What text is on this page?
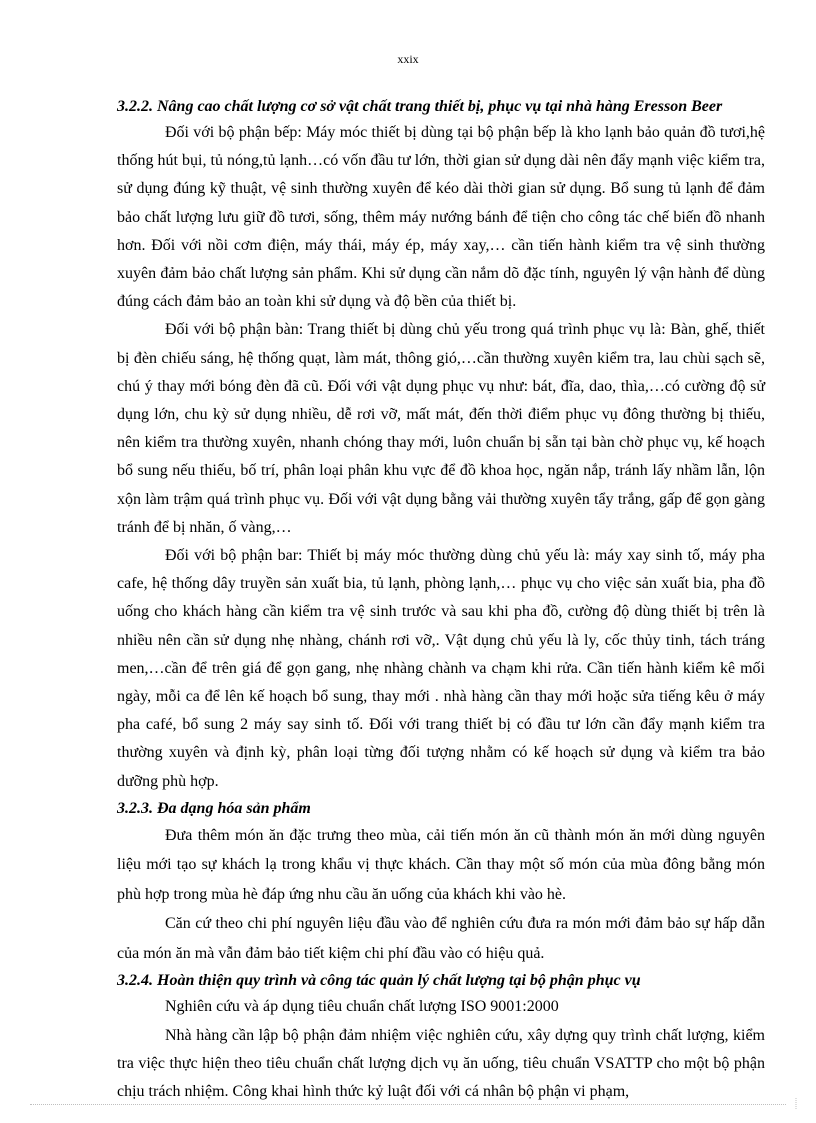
xxix
3.2.2. Nâng cao chất lượng cơ sở vật chất trang thiết bị, phục vụ tại nhà hàng Eresson Beer

Đối với bộ phận bếp: Máy móc thiết bị dùng tại bộ phận bếp là kho lạnh bảo quản đồ tươi,hệ thống hút bụi, tủ nóng,tủ lạnh…có vốn đầu tư lớn, thời gian sử dụng dài nên đẩy mạnh việc kiểm tra, sử dụng đúng kỹ thuật, vệ sinh thường xuyên để kéo dài thời gian sử dụng. Bổ sung tủ lạnh để đảm bảo chất lượng lưu giữ đồ tươi, sống, thêm máy nướng bánh để tiện cho công tác chế biến đồ nhanh hơn. Đối với nồi cơm điện, máy thái, máy ép, máy xay,… cần tiến hành kiểm tra vệ sinh thường xuyên đảm bảo chất lượng sản phẩm. Khi sử dụng cần nắm dõ đặc tính, nguyên lý vận hành để dùng đúng cách đảm bảo an toàn khi sử dụng và độ bền của thiết bị.

Đối với bộ phận bàn: Trang thiết bị dùng chủ yếu trong quá trình phục vụ là: Bàn, ghế, thiết bị đèn chiếu sáng, hệ thống quạt, làm mát, thông gió,…cần thường xuyên kiểm tra, lau chùi sạch sẽ, chú ý thay mới bóng đèn đã cũ. Đối với vật dụng phục vụ như: bát, đĩa, dao, thìa,…có cường độ sử dụng lớn, chu kỳ sử dụng nhiều, dễ rơi vỡ, mất mát, đến thời điểm phục vụ đông thường bị thiếu, nên kiểm tra thường xuyên, nhanh chóng thay mới, luôn chuẩn bị sẵn tại bàn chờ phục vụ, kế hoạch bổ sung nếu thiếu, bố trí, phân loại phân khu vực để đồ khoa học, ngăn nắp, tránh lấy nhầm lẫn, lộn xộn làm trậm quá trình phục vụ. Đối với vật dụng bằng vải thường xuyên tẩy trắng, gấp để gọn gàng tránh để bị nhăn, ố vàng,…

Đối với bộ phận bar: Thiết bị máy móc thường dùng chủ yếu là: máy xay sinh tố, máy pha cafe, hệ thống dây truyền sản xuất bia, tủ lạnh, phòng lạnh,… phục vụ cho việc sản xuất bia, pha đồ uống cho khách hàng cần kiểm tra vệ sinh trước và sau khi pha đồ, cường độ dùng thiết bị trên là nhiều nên cần sử dụng nhẹ nhàng, chánh rơi vỡ,. Vật dụng chủ yếu là ly, cốc thủy tinh, tách tráng men,…cần để trên giá để gọn gang, nhẹ nhàng chành va chạm khi rửa. Cần tiến hành kiểm kê mối ngày, mỗi ca để lên kế hoạch bổ sung, thay mới . nhà hàng cần thay mới hoặc sửa tiếng kêu ở máy pha café, bổ sung 2 máy say sinh tố. Đối với trang thiết bị có đầu tư lớn cần đẩy mạnh kiểm tra thường xuyên và định kỳ, phân loại từng đối tượng nhằm có kế hoạch sử dụng và kiểm tra bảo dưỡng phù hợp.

3.2.3. Đa dạng hóa sản phẩm

Đưa thêm món ăn đặc trưng theo mùa, cải tiến món ăn cũ thành món ăn mới dùng nguyên liệu mới tạo sự khách lạ trong khẩu vị thực khách. Cần thay một số món của mùa đông bằng món phù hợp trong mùa hè đáp ứng nhu cầu ăn uống của khách khi vào hè.

Căn cứ theo chi phí nguyên liệu đầu vào để nghiên cứu đưa ra món mới đảm bảo sự hấp dẫn của món ăn mà vẫn đảm bảo tiết kiệm chi phí đầu vào có hiệu quả.

3.2.4. Hoàn thiện quy trình và công tác quản lý chất lượng tại bộ phận phục vụ

Nghiên cứu và áp dụng tiêu chuẩn chất lượng ISO 9001:2000

Nhà hàng cần lập bộ phận đảm nhiệm việc nghiên cứu, xây dựng quy trình chất lượng, kiểm tra việc thực hiện theo tiêu chuẩn chất lượng dịch vụ ăn uống, tiêu chuẩn VSATTP cho một bộ phận chịu trách nhiệm. Công khai hình thức kỷ luật đối với cá nhân bộ phận vi phạm,
